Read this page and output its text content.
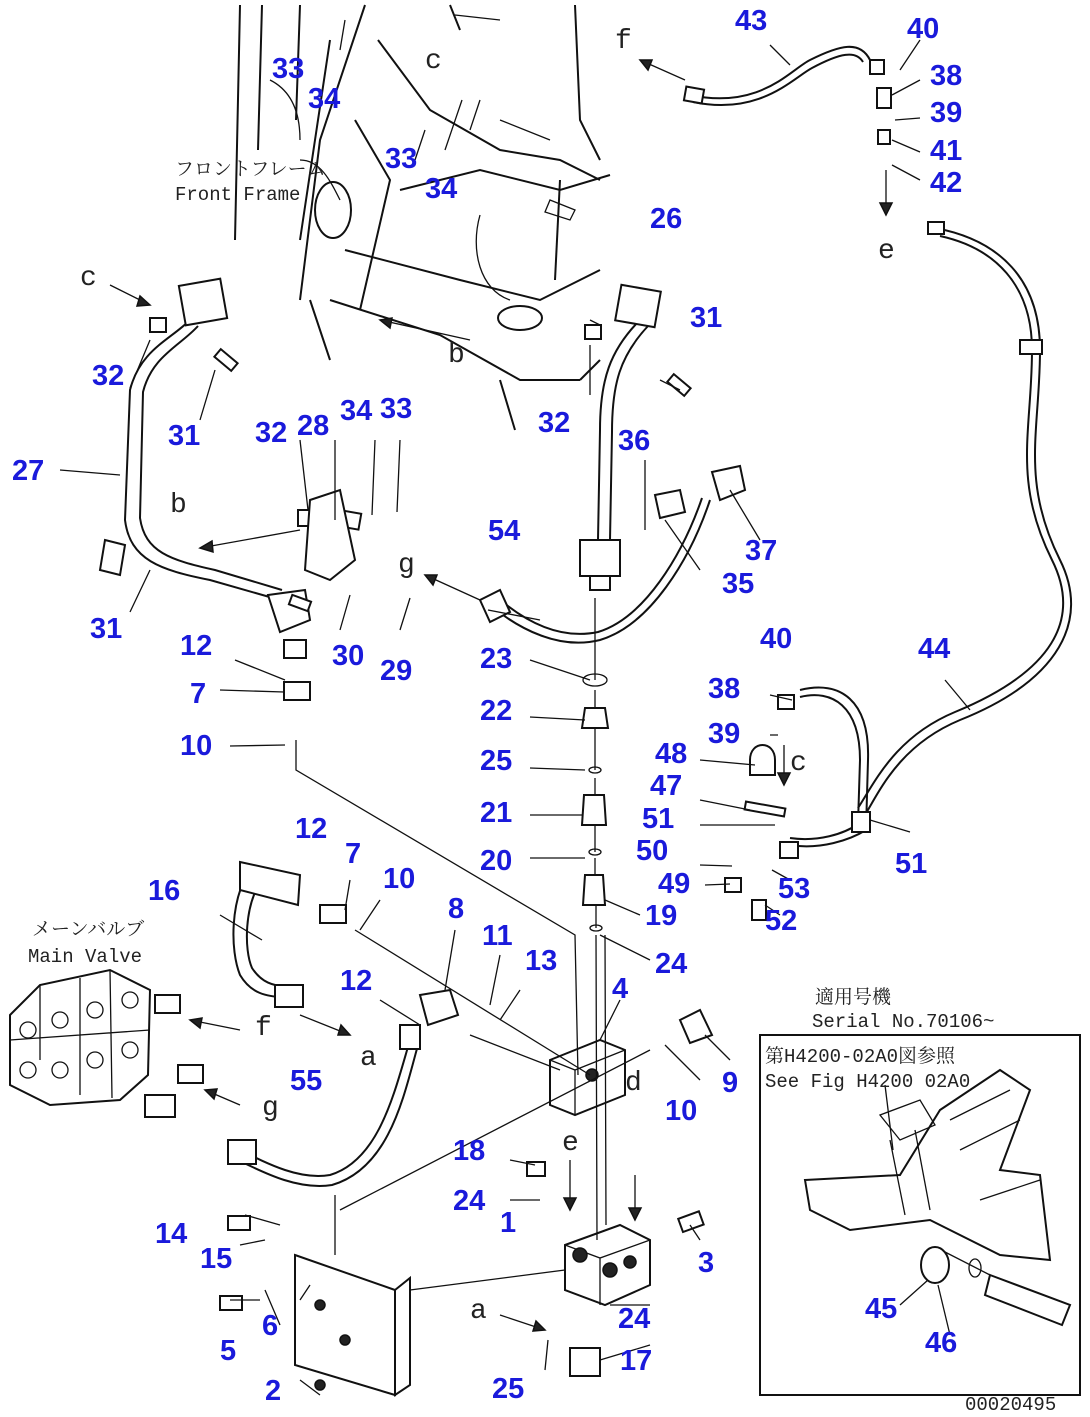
フロントフレーム
Front Frame
メーンバルブ
Main Valve
適用号機
Serial No.70106~
第H4200-02A0図参照
See Fig H4200 02A0
00020495
c
f
e
b
c
b
g
c
f
a
g
e
d
a
33
34
33
34
43	40
38
39
41
42
26
31
32
31	32
36
27
32 28 34 33
54
37
35
31
30 29
12
7
10
23
22
25
21
20
19
24
40	44
38
39
48
47
51
50
49	53
52
51
16
12
7
10
8
11
13
12	4
9
10
55
18
24
1
3
14
15
24
17
6
5
2	25
45
46
